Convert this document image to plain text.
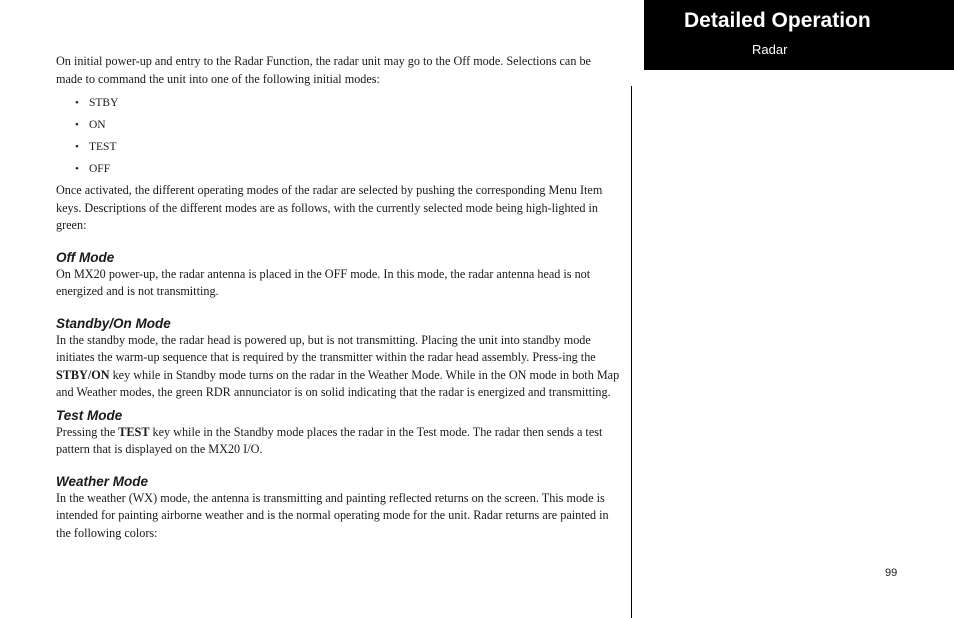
Detailed Operation
Radar

On initial power-up and entry to the Radar Function, the radar unit may go to the Off mode. Selections can be made to command the unit into one of the following initial modes:

• STBY
• ON
• TEST
• OFF

Once activated, the different operating modes of the radar are selected by pushing the corresponding Menu Item keys. Descriptions of the different modes are as follows, with the currently selected mode being high-lighted in green:

Off Mode

On MX20 power-up, the radar antenna is placed in the OFF mode. In this mode, the radar antenna head is not energized and is not transmitting.

Standby/On Mode

In the standby mode, the radar head is powered up, but is not transmitting. Placing the unit into standby mode initiates the warm-up sequence that is required by the transmitter within the radar head assembly. Press-ing the STBY/ON key while in Standby mode turns on the radar in the Weather Mode. While in the ON mode in both Map and Weather modes, the green RDR annunciator is on solid indicating that the radar is energized and transmitting.

Test Mode

Pressing the TEST key while in the Standby mode places the radar in the Test mode. The radar then sends a test pattern that is displayed on the MX20 I/O.

Weather Mode

In the weather (WX) mode, the antenna is transmitting and painting reflected returns on the screen. This mode is intended for painting airborne weather and is the normal operating mode for the unit. Radar returns are painted in the following colors:

99
